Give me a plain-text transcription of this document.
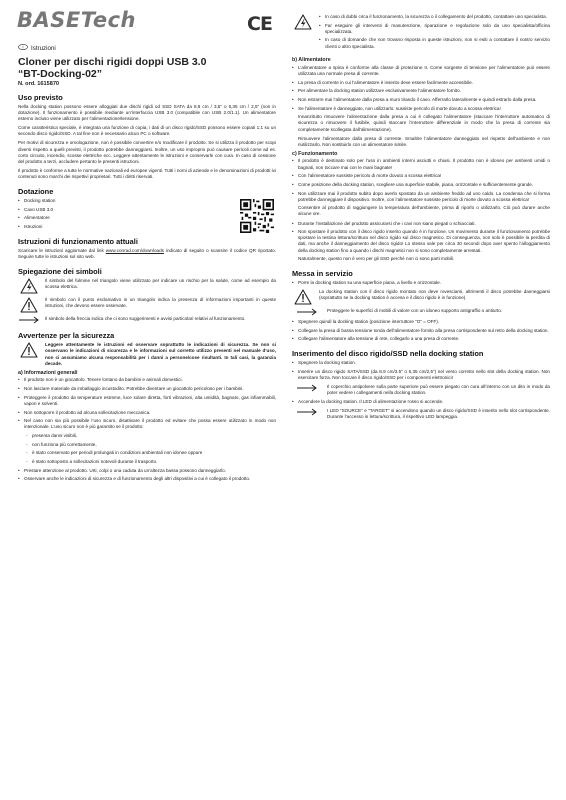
BASETech	CE
I Istruzioni
Cloner per dischi rigidi doppi USB 3.0
“BT-Docking-02”
N. ord. 1615870
Uso previsto

Nella docking station possono essere alloggiati due dischi rigidi od SSD SATA da 8,9 cm / 3,5” o 6,35 cm / 2,5” (non in dotazione). Il funzionamento è possibile mediante un’interfaccia USB 3.0 (compatibile con USB 2.0/1.1). Un alimentatore esterno incluso viene utilizzato per l’alimentazione/tensione.

Come caratteristica speciale, è integrata una funzione di copia; i dati di un disco rigido/SSD possono essere copiati 1:1 su un secondo disco rigido/SSD. A tal fine non è necessario alcun PC o software.

Per motivi di sicurezza e omologazione, non è possibile convertire e/o modificare il prodotto. Se si utilizza il prodotto per scopi diversi rispetto a quelli previsti, il prodotto potrebbe danneggiarsi. Inoltre, un uso improprio può causare pericoli come ad es. corto circuito, incendio, scosse elettriche ecc. Leggere attentamente le istruzioni e conservarle con cura. In caso di cessione del prodotto a terzi, accludere pertanto le presenti istruzioni.

Il prodotto è conforme a tutte le normative nazionali ed europee vigenti. Tutti i nomi di aziende e le denominazioni di prodotti ivi contenuti sono marchi dei rispettivi proprietari. Tutti i diritti riservati.

Dotazione
• Docking station
• Cavo USB 3.0
• Alimentatore
• Istruzioni
Istruzioni di funzionamento attuali

Scaricare le istruzioni aggiornate dal link www.conrad.com/downloads indicato di seguito o scansire il codice QR riportato. Seguire tutte le istruzioni sul sito web.

Spiegazione dei simboli
Il simbolo del fulmine nel triangolo viene utilizzato per indicare un rischio per la salute, come ad esempio da scossa elettrica.
Il simbolo con il punto esclamativo in un triangolo indica la presenza di informazioni importanti in queste istruzioni, che devono essere osservate.
Il simbolo della freccia indica che ci sono suggerimenti e avvisi particolari relativi al funzionamento.
Avvertenze per la sicurezza
Leggere attentamente le istruzioni ed osservare soprattutto le indicazioni di sicurezza. Se non si osservano le indicazioni di sicurezza e le informazioni sul corretto utilizzo presenti nel manuale d’uso, non ci assumiamo alcuna responsabilità per i danni a persone/cose risultanti. In tali casi, la garanzia decade.
a) Informazioni generali
• Il prodotto non è un giocattolo. Tenere lontano da bambini e animali domestici.
• Non lasciare materiale da imballaggio incustodito. Potrebbe diventare un giocattolo pericoloso per i bambini.
• Proteggere il prodotto da temperature estreme, luce solare diretta, forti vibrazioni, alta umidità, bagnato, gas infiammabili, vapori e solventi.
• Non sottoporre il prodotto ad alcuna sollecitazione meccanica.
• Nel caso non sia più possibile l’uso sicuro, disattivare il prodotto ed evitare che possa essere utilizzato in modo non intenzionale. L’uso sicuro non è più garantito se il prodotto:
- presenta danni visibili,
- non funziona più correttamente,
- è stato conservato per periodi prolungati in condizioni ambientali non idonee oppure
- è stato sottoposto a sollecitazioni notevoli durante il trasporto.
• Prestare attenzione al prodotto. Urti, colpi o una caduta da un’altezza bassa possono danneggiarlo.
• Osservare anche le indicazioni di sicurezza e di funzionamento degli altri dispositivi a cui è collegato il prodotto.
• In caso di dubbi circa il funzionamento, la sicurezza o il collegamento del prodotto, contattare uno specialista.
• Far eseguire gli interventi di manutenzione, riparazione e regolazione solo da uno specialista/officina specializzata.
• In caso di domande che non trovano risposta in queste istruzioni, non si esiti a contattare il nostro servizio clienti o altro specialista.
b) Alimentatore
• L’alimentatore a spina è conforme alla classe di protezione II. Come sorgente di tensione per l’alimentatore può essere utilizzata una normale presa di corrente.
• La presa di corrente in cui l’alimentatore è inserito deve essere facilmente accessibile.
• Per alimentare la docking station utilizzare esclusivamente l’alimentatore fornito.
• Non estrarre mai l’alimentatore dalla presa a muro tirando il cavo. Afferrarlo lateralmente e quindi estrarlo dalla presa.
• Se l’alimentatore è danneggiato, non utilizzarlo: sussiste pericolo di morte dovuto a scossa elettrica!

Innanzitutto rimuovere l’alimentazione dalla presa a cui è collegato l’alimentatore (staccare l’interruttore automatico di sicurezza o rimuovere il fusibile, quindi staccare l’interruttore differenziale in modo che la presa di corrente sia completamente scollegata dall’alimentazione).

Rimuovere l’alimentatore dalla presa di corrente. Smaltire l’alimentatore danneggiato nel rispetto dell’ambiente e non riutilizzarlo. Non sostituirlo con un alimentatore simile.

c) Funzionamento
• Il prodotto è destinato solo per l’uso in ambienti interni asciutti e chiusi. Il prodotto non è idoneo per ambienti umidi o bagnati, non toccare mai con le mani bagnate!
• Con l’alimentatore sussiste pericolo di morte dovuto a scossa elettrica!
• Come posizione della docking station, scegliere una superficie stabile, piana, orizzontale e sufficientemente grande.
• Non utilizzare mai il prodotto subito dopo averlo spostato da un ambiente freddo ad uno caldo. La condensa che si forma potrebbe danneggiare il dispositivo. Inoltre, con l’alimentatore sussiste pericolo di morte dovuto a scossa elettrica!

Consentire al prodotto di raggiungere la temperatura dell’ambiente, prima di riporlo o utilizzarlo. Ciò può durare anche alcune ore.

• Durante l’installazione del prodotto assicurarsi che i cavi non siano piegati o schiacciati.
• Non spostare il prodotto con il disco rigido inserito quando è in funzione. Un movimento durante il funzionamento potrebbe spostare la testina lettura/scrittura nel disco rigido sul disco magnetico. Di conseguenza, non solo è possibile la perdita di dati, ma anche il danneggiamento del disco rigido! Lo stesso vale per circa 30 secondi dopo aver spento l’alloggiamento della docking station fino a quando i dischi magnetici non si sono completamente arrestati.

Naturalmente, questo non è vero per gli SSD perché non ci sono parti mobili.

Messa in servizio
• Porre la docking station su una superficie piana, a livello e orizzontale.
La docking station con il disco rigido montato non deve rovesciarsi, altrimenti il disco potrebbe danneggiarsi (soprattutto se la docking station è accesa e il disco rigido è in funzione).
Proteggere le superfici di mobili di valore con un idoneo supporto antigraffio o antiurto.
• Spegnere quindi la docking station (posizione interruttore “O” = OFF).
• Collegare la presa di bassa tensione tonda dell’alimentatore fornito alla presa corrispondente sul retro della docking station.
• Collegare l’alimentatore alla tensione di rete, collegarlo a una presa di corrente.
Inserimento del disco rigido/SSD nella docking station
• Spegnere la docking station.
• Inserire un disco rigido SATA/SSD (da 8,9 cm/3.5” o 6,35 cm/2,5”) nel verso corretto nello slot della docking station. Non esercitare forza. Non toccare il disco rigido/SSD per i componenti elettronici!
Il coperchio antipolvere sulla parte superiore può essere piegato con cura all’interno con un dito in modo da poter vedere i collegamenti nella docking station.
• Accendere la docking station. Il LED di alimentazione rosso si accende.
I LED “SOURCE” e “TARGET” si accendono quando un disco rigido/SSD è inserito nello slot corrispondente. Durante l’accesso in lettura/scrittura, il rispettivo LED lampeggia.
